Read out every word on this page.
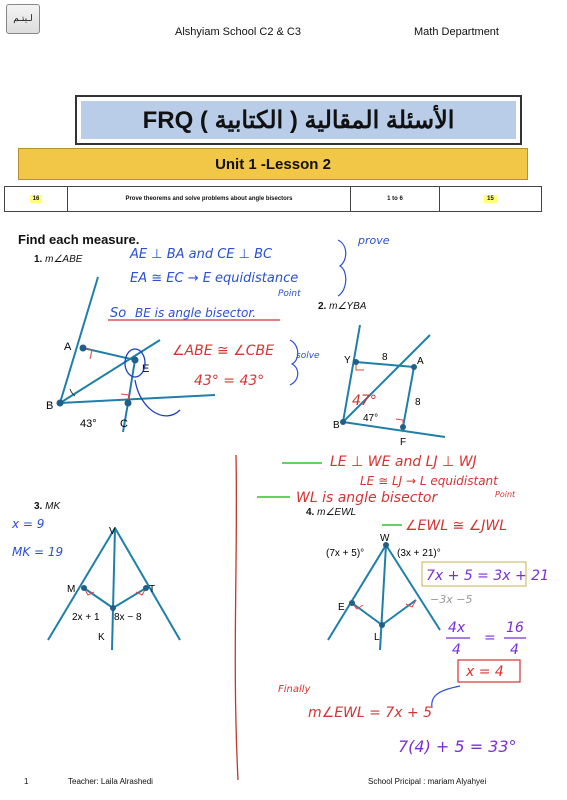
لـيتـم
Alshyiam School C2 & C3	Math Department
الأسئلة المقالية ( الكتابية ) FRQ
Unit 1 -Lesson 2
16	Prove theorems and solve problems about angle bisectors	1 to 6	15
Find each measure.
1. m∠ABE
2. m∠YBA
3. MK
4. m∠EWL
A
B
C
E
43°
Y	A
B
F
8
8
47°
47°
V
M	T
K
2x + 1 8x − 8
W
E
L
(7x + 5)°	(3x + 21)°
AE ⊥ BA and CE ⊥ BC
EA ≅ EC → E equidistance
Point
prove
solve
So BE is angle bisector.
∠ABE ≅ ∠CBE
43° = 43°
LE ⊥ WE and LJ ⊥ WJ
LE ≅ LJ → L equidistant
Point
WL is angle bisector
∠EWL ≅ ∠JWL
x = 9
MK = 19
7x + 5 = 3x + 21
−3x −5
4x
4
=
16
4
x = 4
Finally
m∠EWL = 7x + 5
7(4) + 5 = 33°
1	Teacher: Laila Alrashedi	School Pricipal : mariam Alyahyei
